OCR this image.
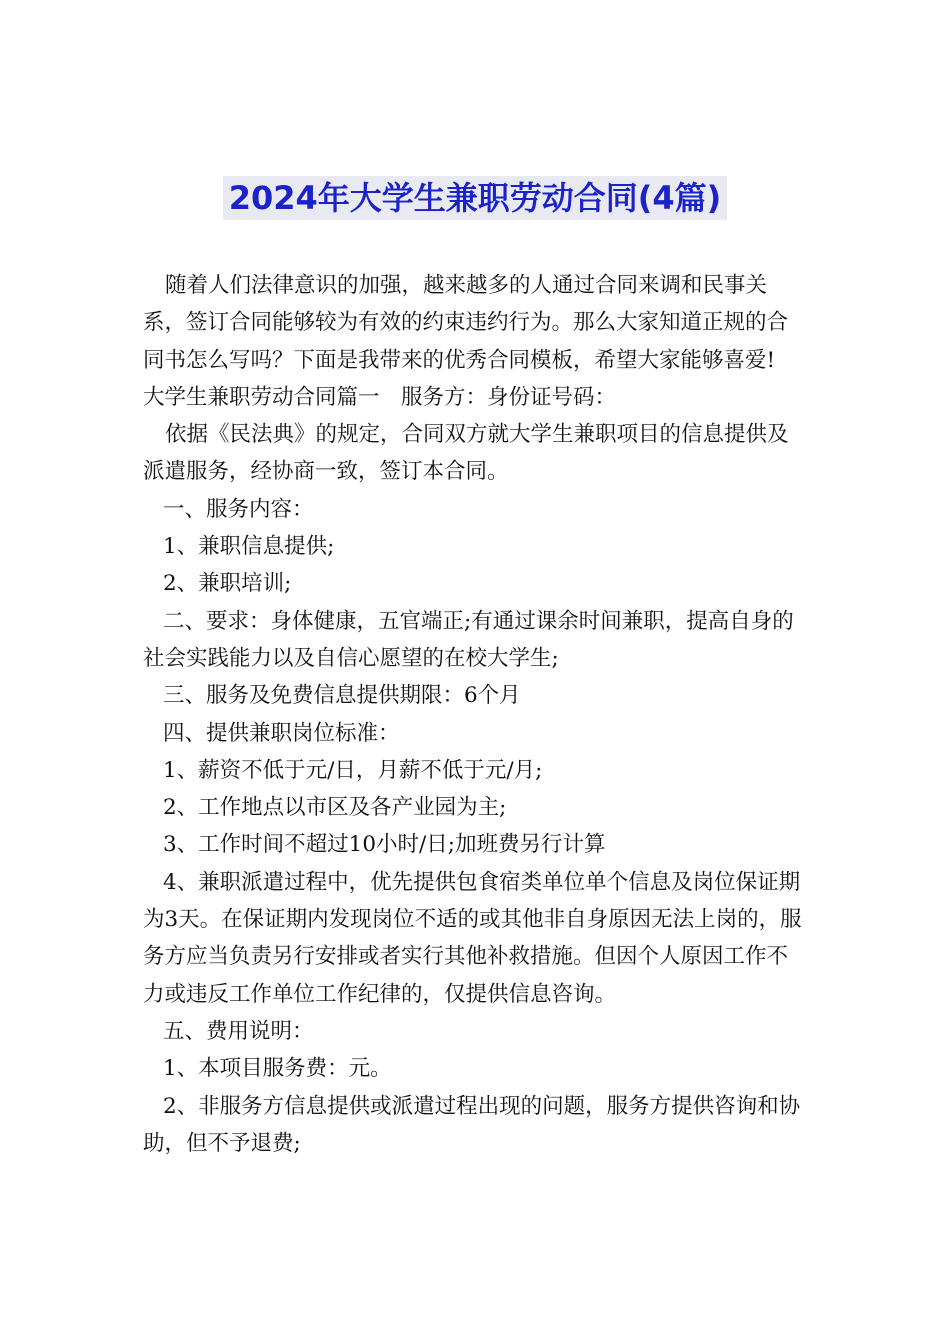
2024年大学生兼职劳动合同(4篇)

随着人们法律意识的加强，越来越多的人通过合同来调和民事关系，签订合同能够较为有效的约束违约行为。那么大家知道正规的合同书怎么写吗？下面是我带来的优秀合同模板，希望大家能够喜爱!

大学生兼职劳动合同篇一　服务方：身份证号码：

依据《民法典》的规定，合同双方就大学生兼职项目的信息提供及派遣服务，经协商一致，签订本合同。

一、服务内容：

1、兼职信息提供;

2、兼职培训;

二、要求：身体健康，五官端正;有通过课余时间兼职，提高自身的社会实践能力以及自信心愿望的在校大学生;

三、服务及免费信息提供期限：6个月

四、提供兼职岗位标准：

1、薪资不低于元/日，月薪不低于元/月;

2、工作地点以市区及各产业园为主;

3、工作时间不超过10小时/日;加班费另行计算

4、兼职派遣过程中，优先提供包食宿类单位单个信息及岗位保证期为3天。在保证期内发现岗位不适的或其他非自身原因无法上岗的，服务方应当负责另行安排或者实行其他补救措施。但因个人原因工作不力或违反工作单位工作纪律的，仅提供信息咨询。

五、费用说明：

1、本项目服务费：元。

2、非服务方信息提供或派遣过程出现的问题，服务方提供咨询和协助，但不予退费;
